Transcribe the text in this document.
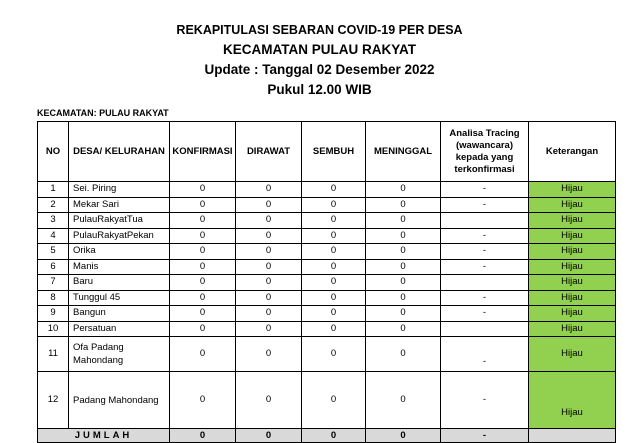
REKAPITULASI SEBARAN COVID-19 PER DESA
KECAMATAN PULAU RAKYAT
Update : Tanggal 02 Desember 2022
Pukul 12.00 WIB
KECAMATAN: PULAU RAKYAT
NO	DESA/ KELURAHAN	KONFIRMASI	DIRAWAT	SEMBUH	MENINGGAL	Analisa Tracing (wawancara) kepada yang terkonfirmasi	Keterangan
1	Sei. Piring	0	0	0	0	-	Hijau
2	Mekar Sari	0	0	0	0	-	Hijau
3	PulauRakyatTua	0	0	0	0		Hijau
4	PulauRakyatPekan	0	0	0	0	-	Hijau
5	Orika	0	0	0	0	-	Hijau
6	Manis	0	0	0	0	-	Hijau
7	Baru	0	0	0	0		Hijau
8	Tunggul 45	0	0	0	0	-	Hijau
9	Bangun	0	0	0	0	-	Hijau
10	Persatuan	0	0	0	0		Hijau
11	Ofa Padang Mahondang	0	0	0	0	-	Hijau
12	Padang Mahondang	0	0	0	0	-	Hijau
JUMLAH		0	0	0	0	-	
